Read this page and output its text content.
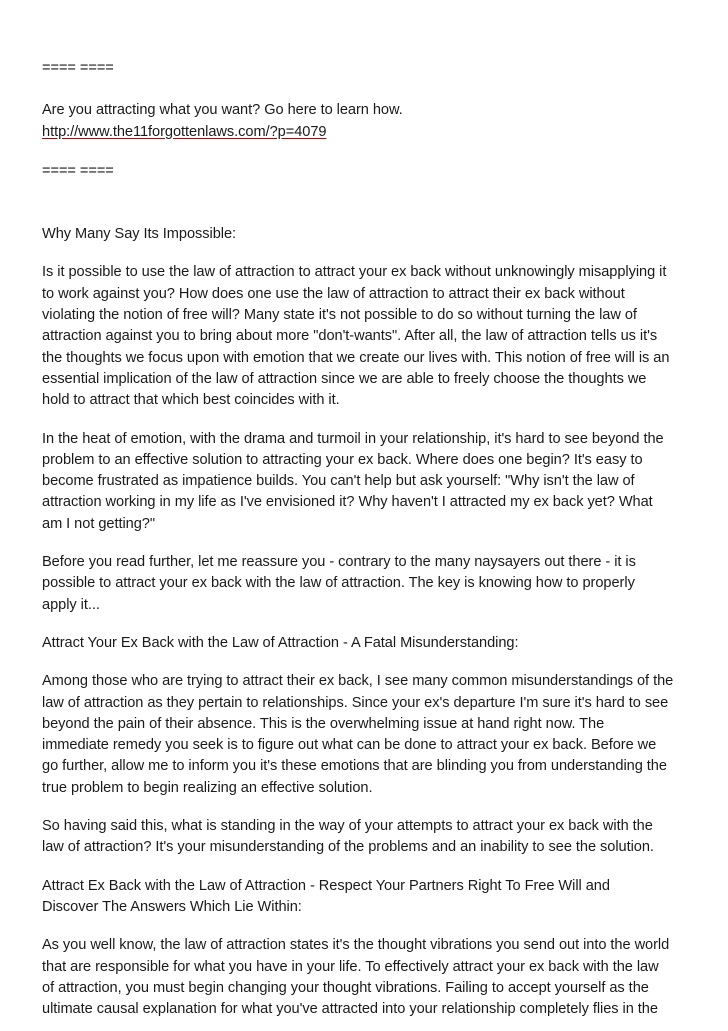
==== ====
Are you attracting what you want? Go here to learn how.
http://www.the11forgottenlaws.com/?p=4079
==== ====
Why Many Say Its Impossible:
Is it possible to use the law of attraction to attract your ex back without unknowingly misapplying it
to work against you? How does one use the law of attraction to attract their ex back without
violating the notion of free will? Many state it's not possible to do so without turning the law of
attraction against you to bring about more "don't-wants". After all, the law of attraction tells us it's
the thoughts we focus upon with emotion that we create our lives with. This notion of free will is an
essential implication of the law of attraction since we are able to freely choose the thoughts we
hold to attract that which best coincides with it.
In the heat of emotion, with the drama and turmoil in your relationship, it's hard to see beyond the
problem to an effective solution to attracting your ex back. Where does one begin? It's easy to
become frustrated as impatience builds. You can't help but ask yourself: "Why isn't the law of
attraction working in my life as I've envisioned it? Why haven't I attracted my ex back yet? What
am I not getting?"
Before you read further, let me reassure you - contrary to the many naysayers out there - it is
possible to attract your ex back with the law of attraction. The key is knowing how to properly
apply it...
Attract Your Ex Back with the Law of Attraction - A Fatal Misunderstanding:
Among those who are trying to attract their ex back, I see many common misunderstandings of the
law of attraction as they pertain to relationships. Since your ex's departure I'm sure it's hard to see
beyond the pain of their absence. This is the overwhelming issue at hand right now. The
immediate remedy you seek is to figure out what can be done to attract your ex back. Before we
go further, allow me to inform you it's these emotions that are blinding you from understanding the
true problem to begin realizing an effective solution.
So having said this, what is standing in the way of your attempts to attract your ex back with the
law of attraction? It's your misunderstanding of the problems and an inability to see the solution.
Attract Ex Back with the Law of Attraction - Respect Your Partners Right To Free Will and
Discover The Answers Which Lie Within:
As you well know, the law of attraction states it's the thought vibrations you send out into the world
that are responsible for what you have in your life. To effectively attract your ex back with the law
of attraction, you must begin changing your thought vibrations. Failing to accept yourself as the
ultimate causal explanation for what you've attracted into your relationship completely flies in the
